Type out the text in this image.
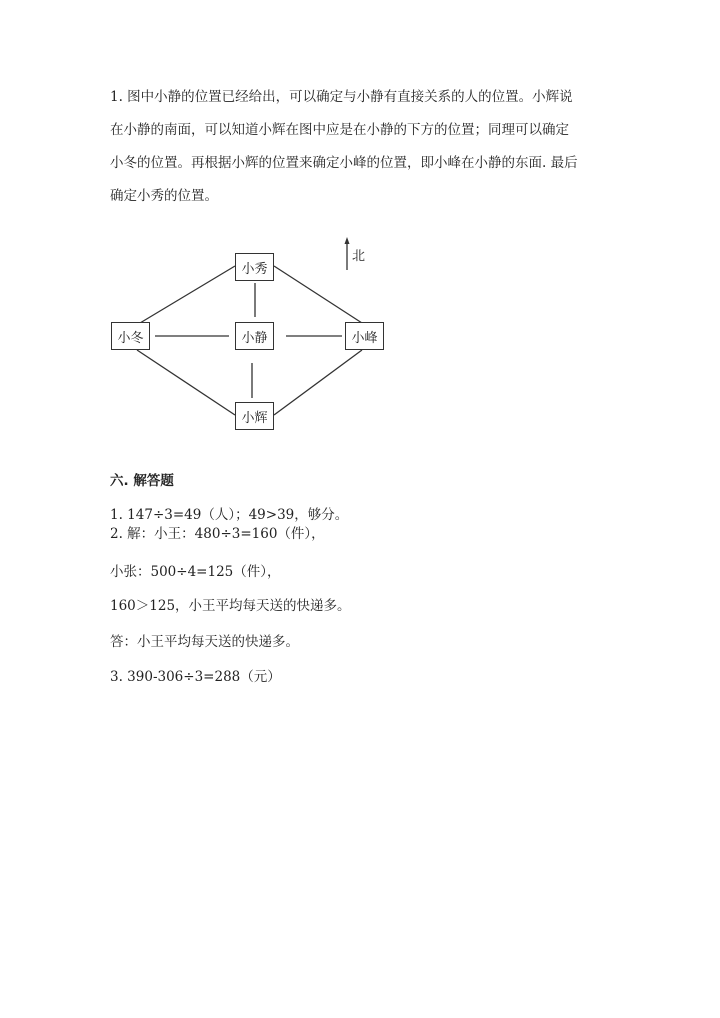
1. 图中小静的位置已经给出，可以确定与小静有直接关系的人的位置。小辉说
在小静的南面，可以知道小辉在图中应是在小静的下方的位置；同理可以确定
小冬的位置。再根据小辉的位置来确定小峰的位置，即小峰在小静的东面. 最后
确定小秀的位置。
北
小秀
小冬	小静	小峰
小辉
六. 解答题
1. 147÷3=49（人）；49>39，够分。
2. 解：小王：480÷3=160（件），
小张：500÷4=125（件），
160＞125，小王平均每天送的快递多。
答：小王平均每天送的快递多。
3. 390-306÷3=288（元）
